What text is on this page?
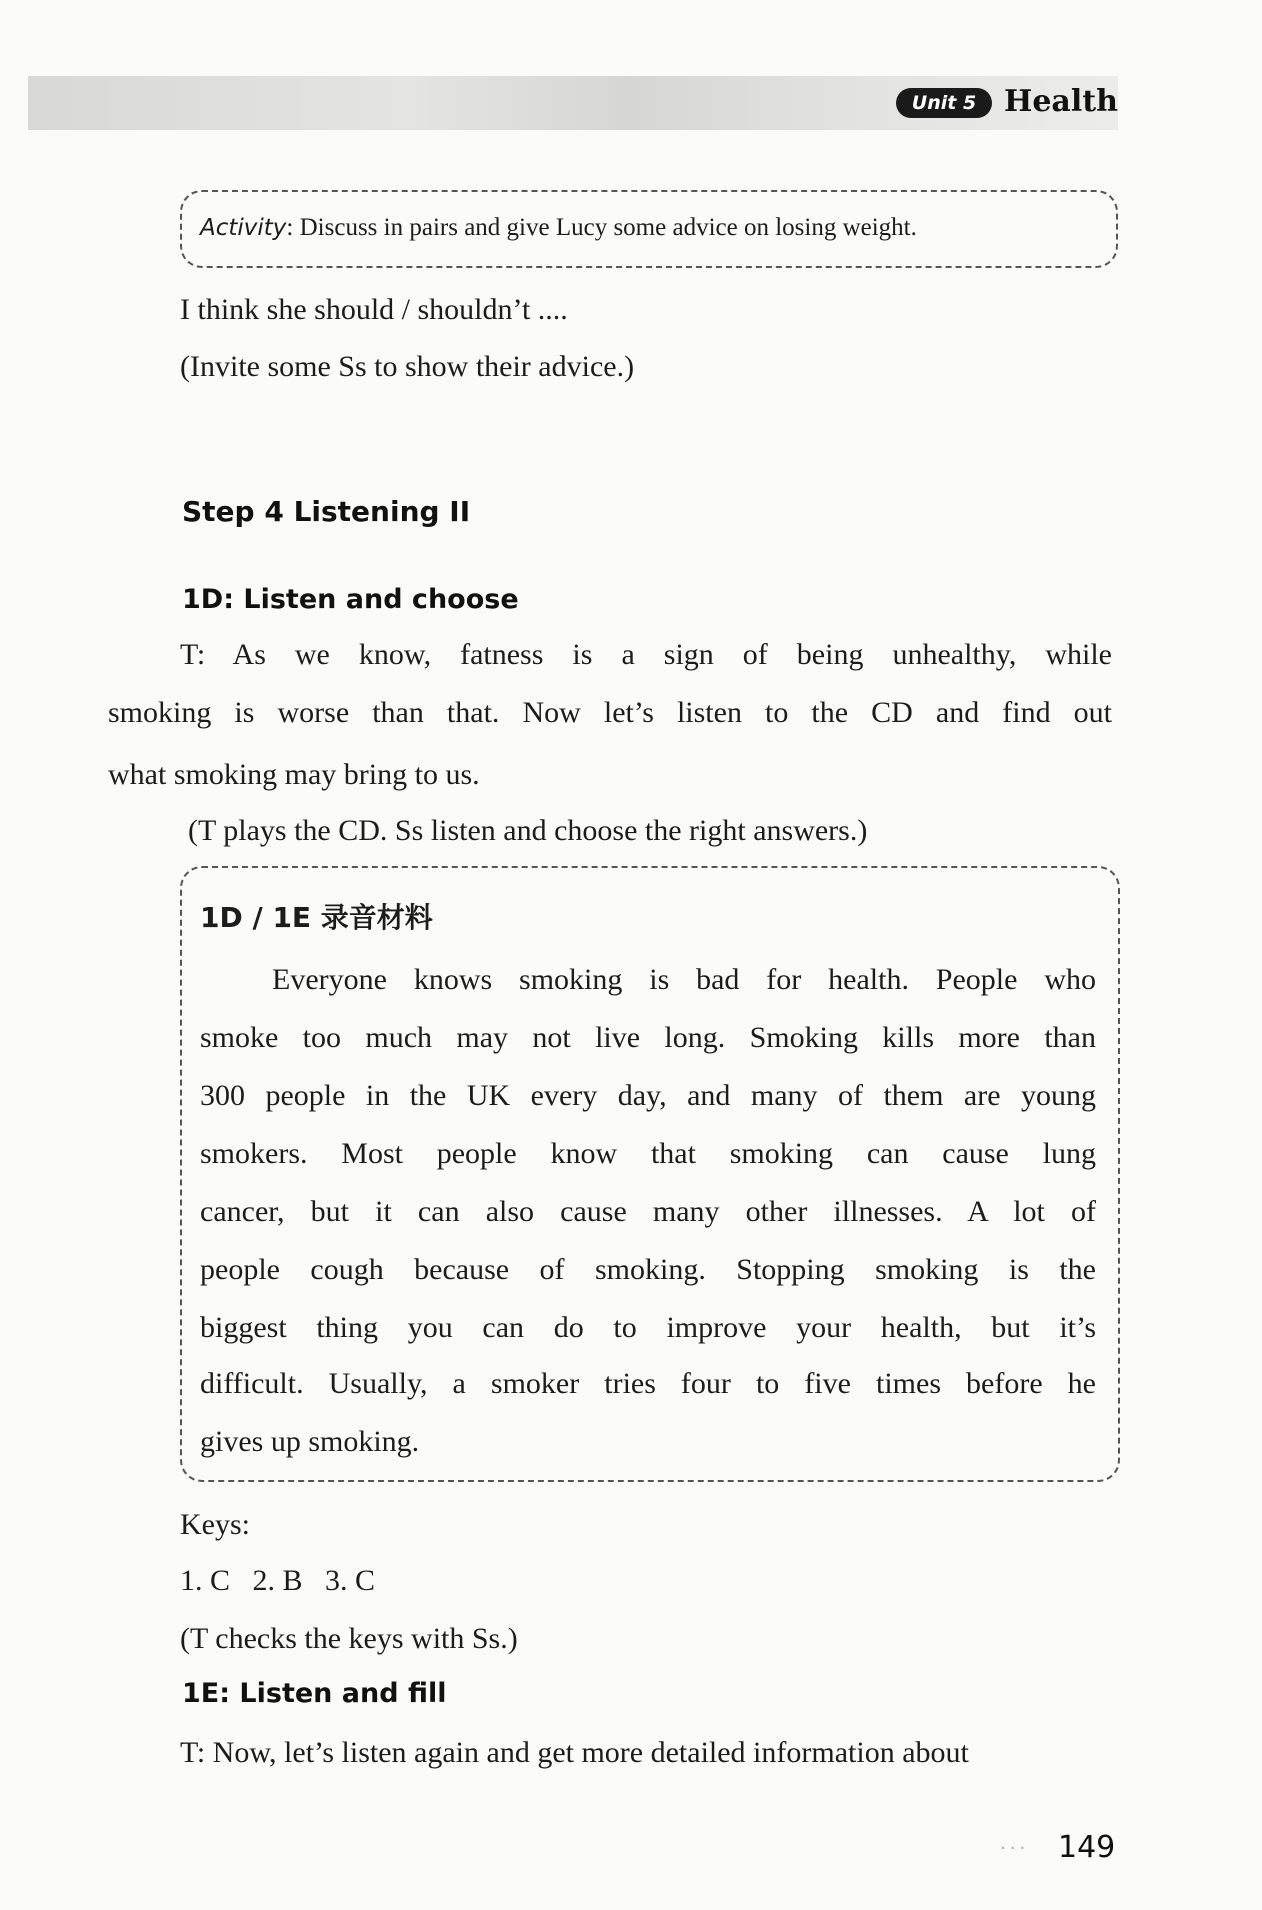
Unit 5 Health
Activity: Discuss in pairs and give Lucy some advice on losing weight.
I think she should / shouldn’t ....
(Invite some Ss to show their advice.)
Step 4 Listening II
1D: Listen and choose
T: As we know, fatness is a sign of being unhealthy, while
smoking is worse than that. Now let’s listen to the CD and find out
what smoking may bring to us.
(T plays the CD. Ss listen and choose the right answers.)
1D / 1E 录音材料
Everyone knows smoking is bad for health. People who
smoke too much may not live long. Smoking kills more than
300 people in the UK every day, and many of them are young
smokers. Most people know that smoking can cause lung
cancer, but it can also cause many other illnesses. A lot of
people cough because of smoking. Stopping smoking is the
biggest thing you can do to improve your health, but it’s
difficult. Usually, a smoker tries four to five times before he
gives up smoking.
Keys:
1. C   2. B   3. C
(T checks the keys with Ss.)
1E: Listen and fill
T: Now, let’s listen again and get more detailed information about
··· 149
